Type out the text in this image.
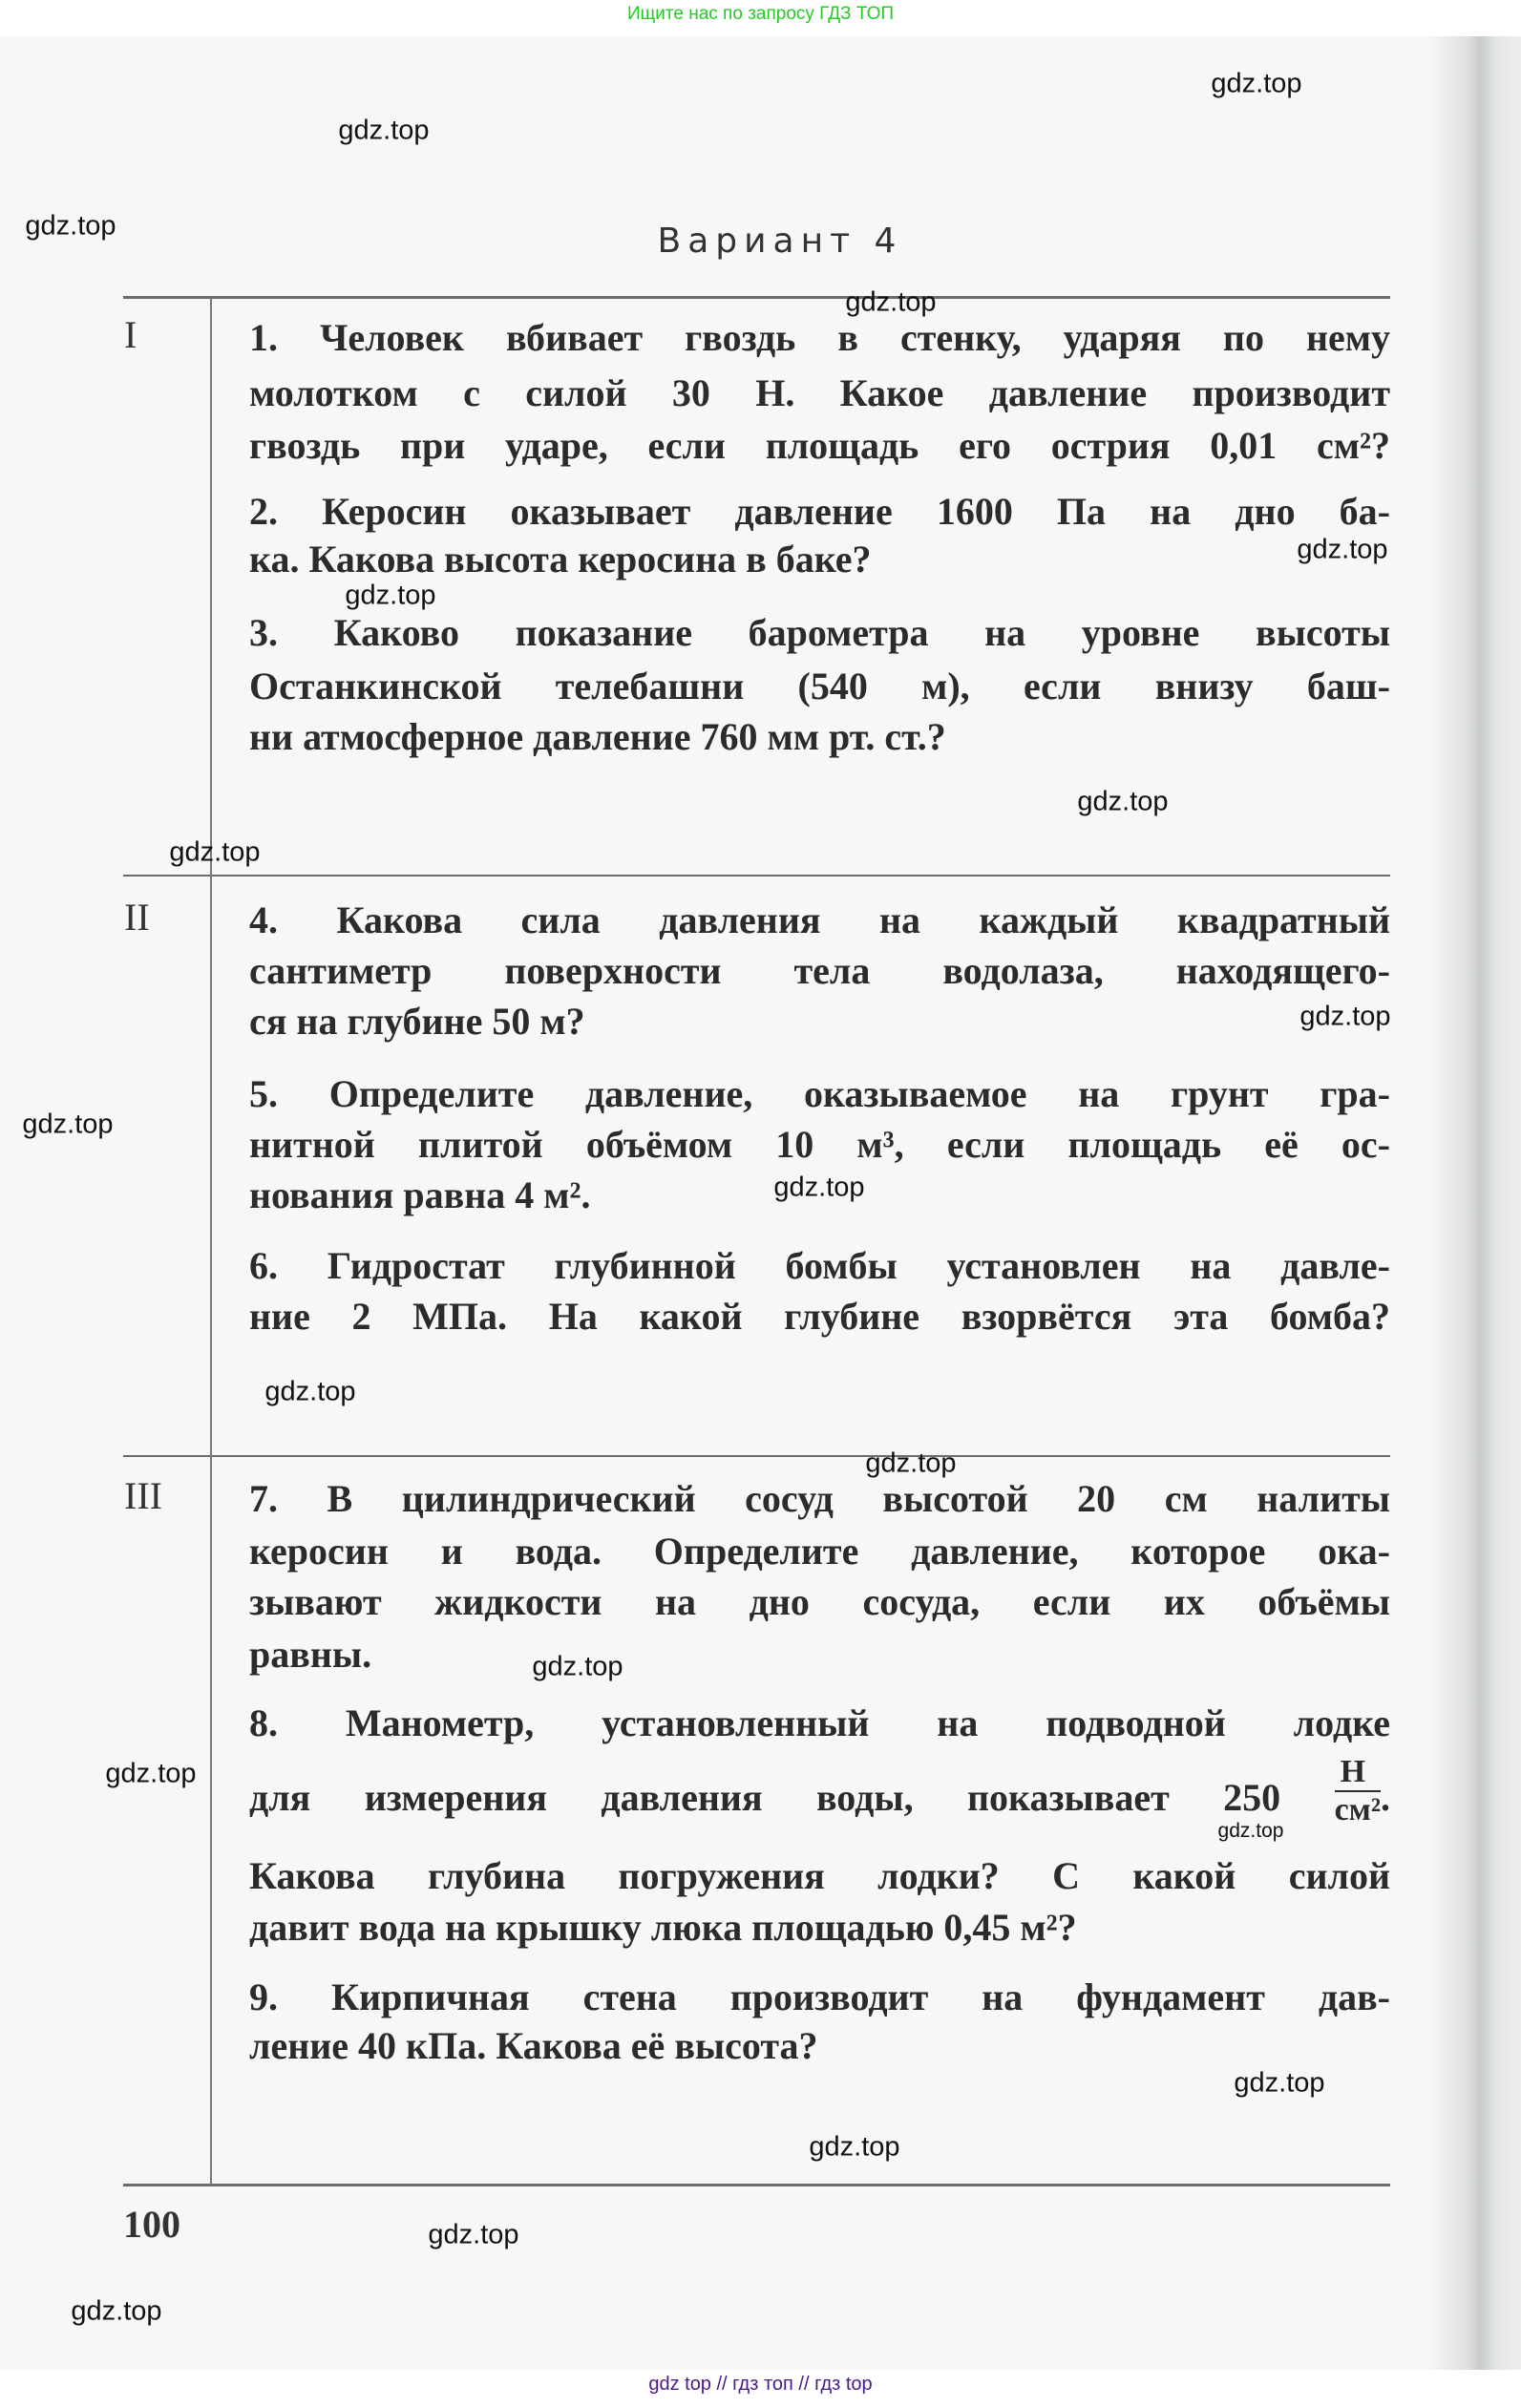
Ищите нас по запросу ГДЗ ТОП
Вариант 4
I	1. Человек вбивает гвоздь в стенку, ударяя по нему
молотком с силой 30 Н. Какое давление производит
гвоздь при ударе, если площадь его острия 0,01 см²?
2. Керосин оказывает давление 1600 Па на дно ба-
ка. Какова высота керосина в баке?
3. Каково показание барометра на уровне высоты
Останкинской телебашни (540 м), если внизу баш-
ни атмосферное давление 760 мм рт. ст.?
II	4. Какова сила давления на каждый квадратный
сантиметр поверхности тела водолаза, находящего-
ся на глубине 50 м?
5. Определите давление, оказываемое на грунт гра-
нитной плитой объёмом 10 м³, если площадь её ос-
нования равна 4 м².
6. Гидростат глубинной бомбы установлен на давле-
ние 2 МПа. На какой глубине взорвётся эта бомба?
III 7. В цилиндрический сосуд высотой 20 см налиты
керосин и вода. Определите давление, которое ока-
зывают жидкости на дно сосуда, если их объёмы
равны.
8. Манометр, установленный на подводной лодке
для измерения давления воды, показывает $250 \frac{Н}{\text{см²}}$ .
Какова глубина погружения лодки? С какой силой
давит вода на крышку люка площадью 0,45 м²?
9. Кирпичная стена производит на фундамент дав-
ление 40 кПа. Какова её высота?
100
gdz.top
gdz.top
gdz.top
gdz.top
gdz.top
gdz.top
gdz.top
gdz.top
gdz.top
gdz.top
gdz.top
gdz.top
gdz.top
gdz.top
gdz.top
gdz.top
gdz.top
gdz.top
gdz.top
gdz.top
gdz top // гдз топ // гдз top
